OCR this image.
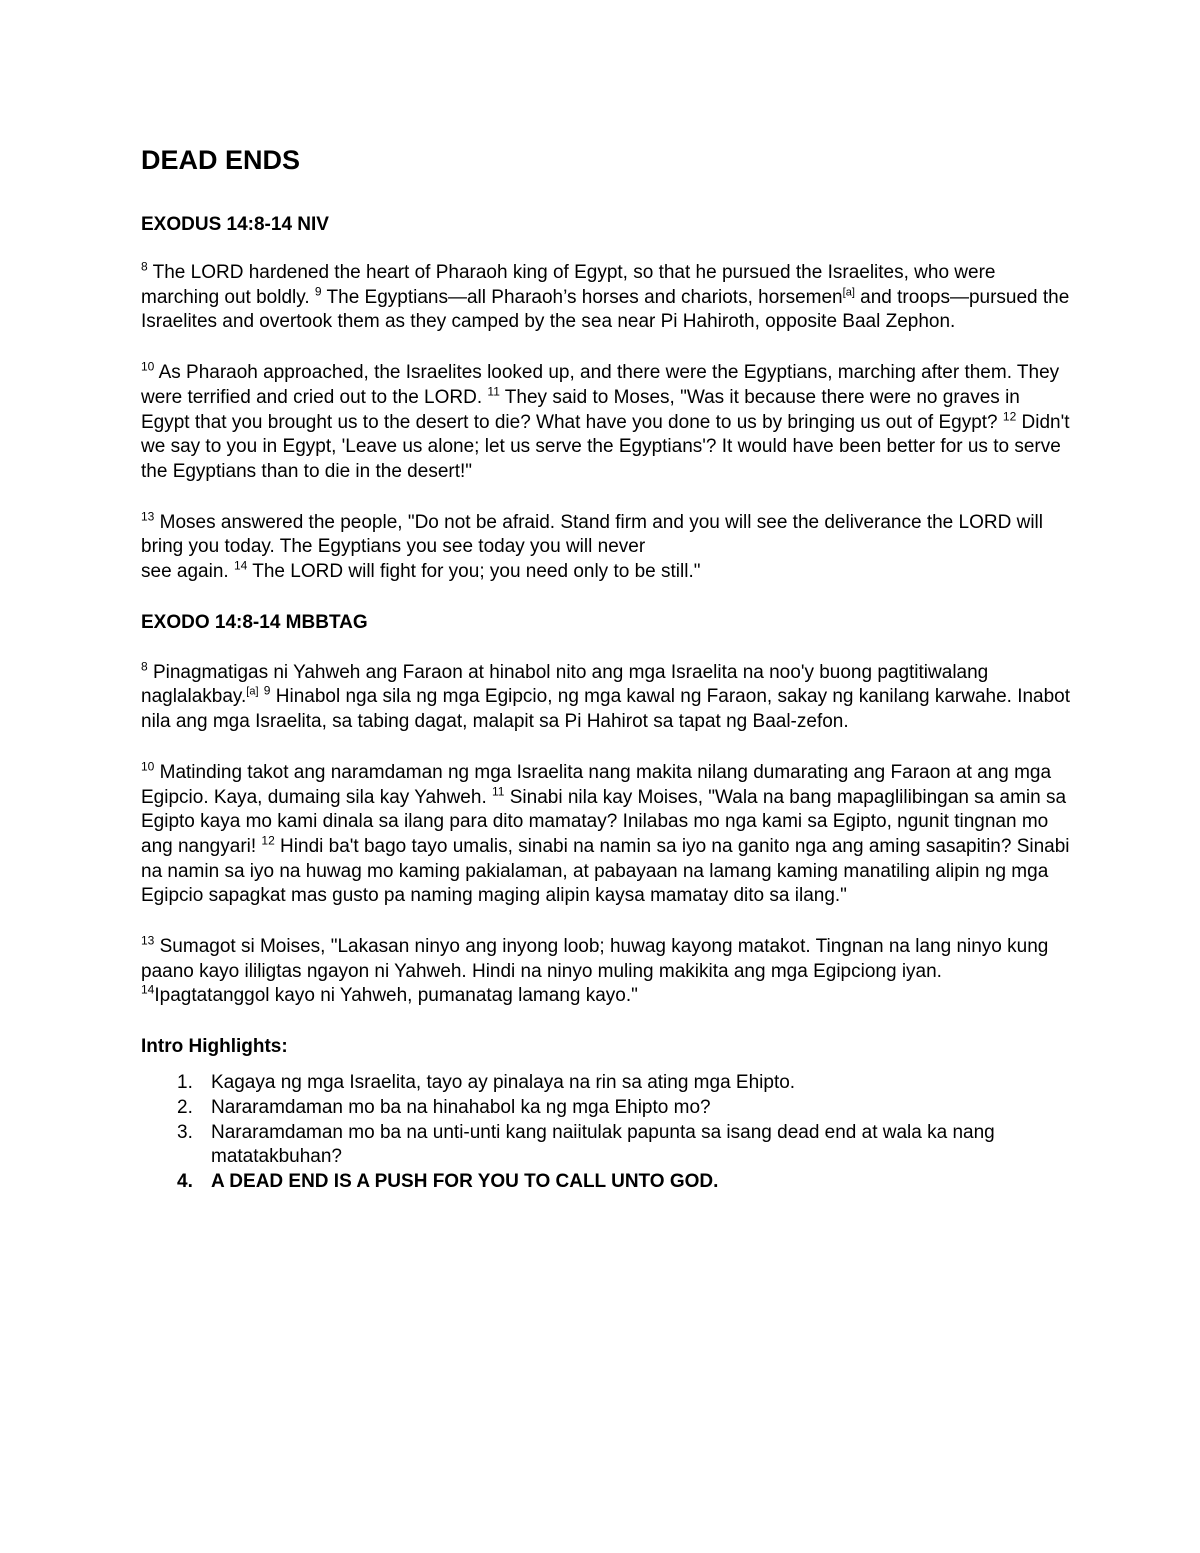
DEAD ENDS
EXODUS 14:8-14 NIV

$^8$ The LORD hardened the heart of Pharaoh king of Egypt, so that he pursued the Israelites, who were marching out boldly. $^9$ The Egyptians—all Pharaoh’s horses and chariots, horsemen[a] and troops—pursued the Israelites and overtook them as they camped by the sea near Pi Hahiroth, opposite Baal Zephon.

$^{10}$ As Pharaoh approached, the Israelites looked up, and there were the Egyptians, marching after them. They were terrified and cried out to the LORD. $^{11}$ They said to Moses, "Was it because there were no graves in Egypt that you brought us to the desert to die? What have you done to us by bringing us out of Egypt? $^{12}$ Didn't we say to you in Egypt, 'Leave us alone; let us serve the Egyptians'? It would have been better for us to serve the Egyptians than to die in the desert!"

$^{13}$ Moses answered the people, "Do not be afraid. Stand firm and you will see the deliverance the LORD will bring you today. The Egyptians you see today you will never
see again. $^{14}$ The LORD will fight for you; you need only to be still."

EXODO 14:8-14 MBBTAG

$^8$ Pinagmatigas ni Yahweh ang Faraon at hinabol nito ang mga Israelita na noo'y buong pagtitiwalang naglalakbay.[a] $^9$ Hinabol nga sila ng mga Egipcio, ng mga kawal ng Faraon, sakay ng kanilang karwahe. Inabot nila ang mga Israelita, sa tabing dagat, malapit sa Pi Hahirot sa tapat ng Baal-zefon.

$^{10}$ Matinding takot ang naramdaman ng mga Israelita nang makita nilang dumarating ang Faraon at ang mga Egipcio. Kaya, dumaing sila kay Yahweh. $^{11}$ Sinabi nila kay Moises, "Wala na bang mapaglilibingan sa amin sa Egipto kaya mo kami dinala sa ilang para dito mamatay? Inilabas mo nga kami sa Egipto, ngunit tingnan mo ang nangyari! $^{12}$ Hindi ba't bago tayo umalis, sinabi na namin sa iyo na ganito nga ang aming sasapitin? Sinabi na namin sa iyo na huwag mo kaming pakialaman, at pabayaan na lamang kaming manatiling alipin ng mga Egipcio sapagkat mas gusto pa naming maging alipin kaysa mamatay dito sa ilang."

$^{13}$ Sumagot si Moises, "Lakasan ninyo ang inyong loob; huwag kayong matakot. Tingnan na lang ninyo kung paano kayo ililigtas ngayon ni Yahweh. Hindi na ninyo muling makikita ang mga Egipciong iyan. $^{14}$Ipagtatanggol kayo ni Yahweh, pumanatag lamang kayo."

Intro Highlights:
1. Kagaya ng mga Israelita, tayo ay pinalaya na rin sa ating mga Ehipto.
2. Nararamdaman mo ba na hinahabol ka ng mga Ehipto mo?
3. Nararamdaman mo ba na unti-unti kang naiitulak papunta sa isang dead end at wala ka nang matatakbuhan?
4. A DEAD END IS A PUSH FOR YOU TO CALL UNTO GOD.
